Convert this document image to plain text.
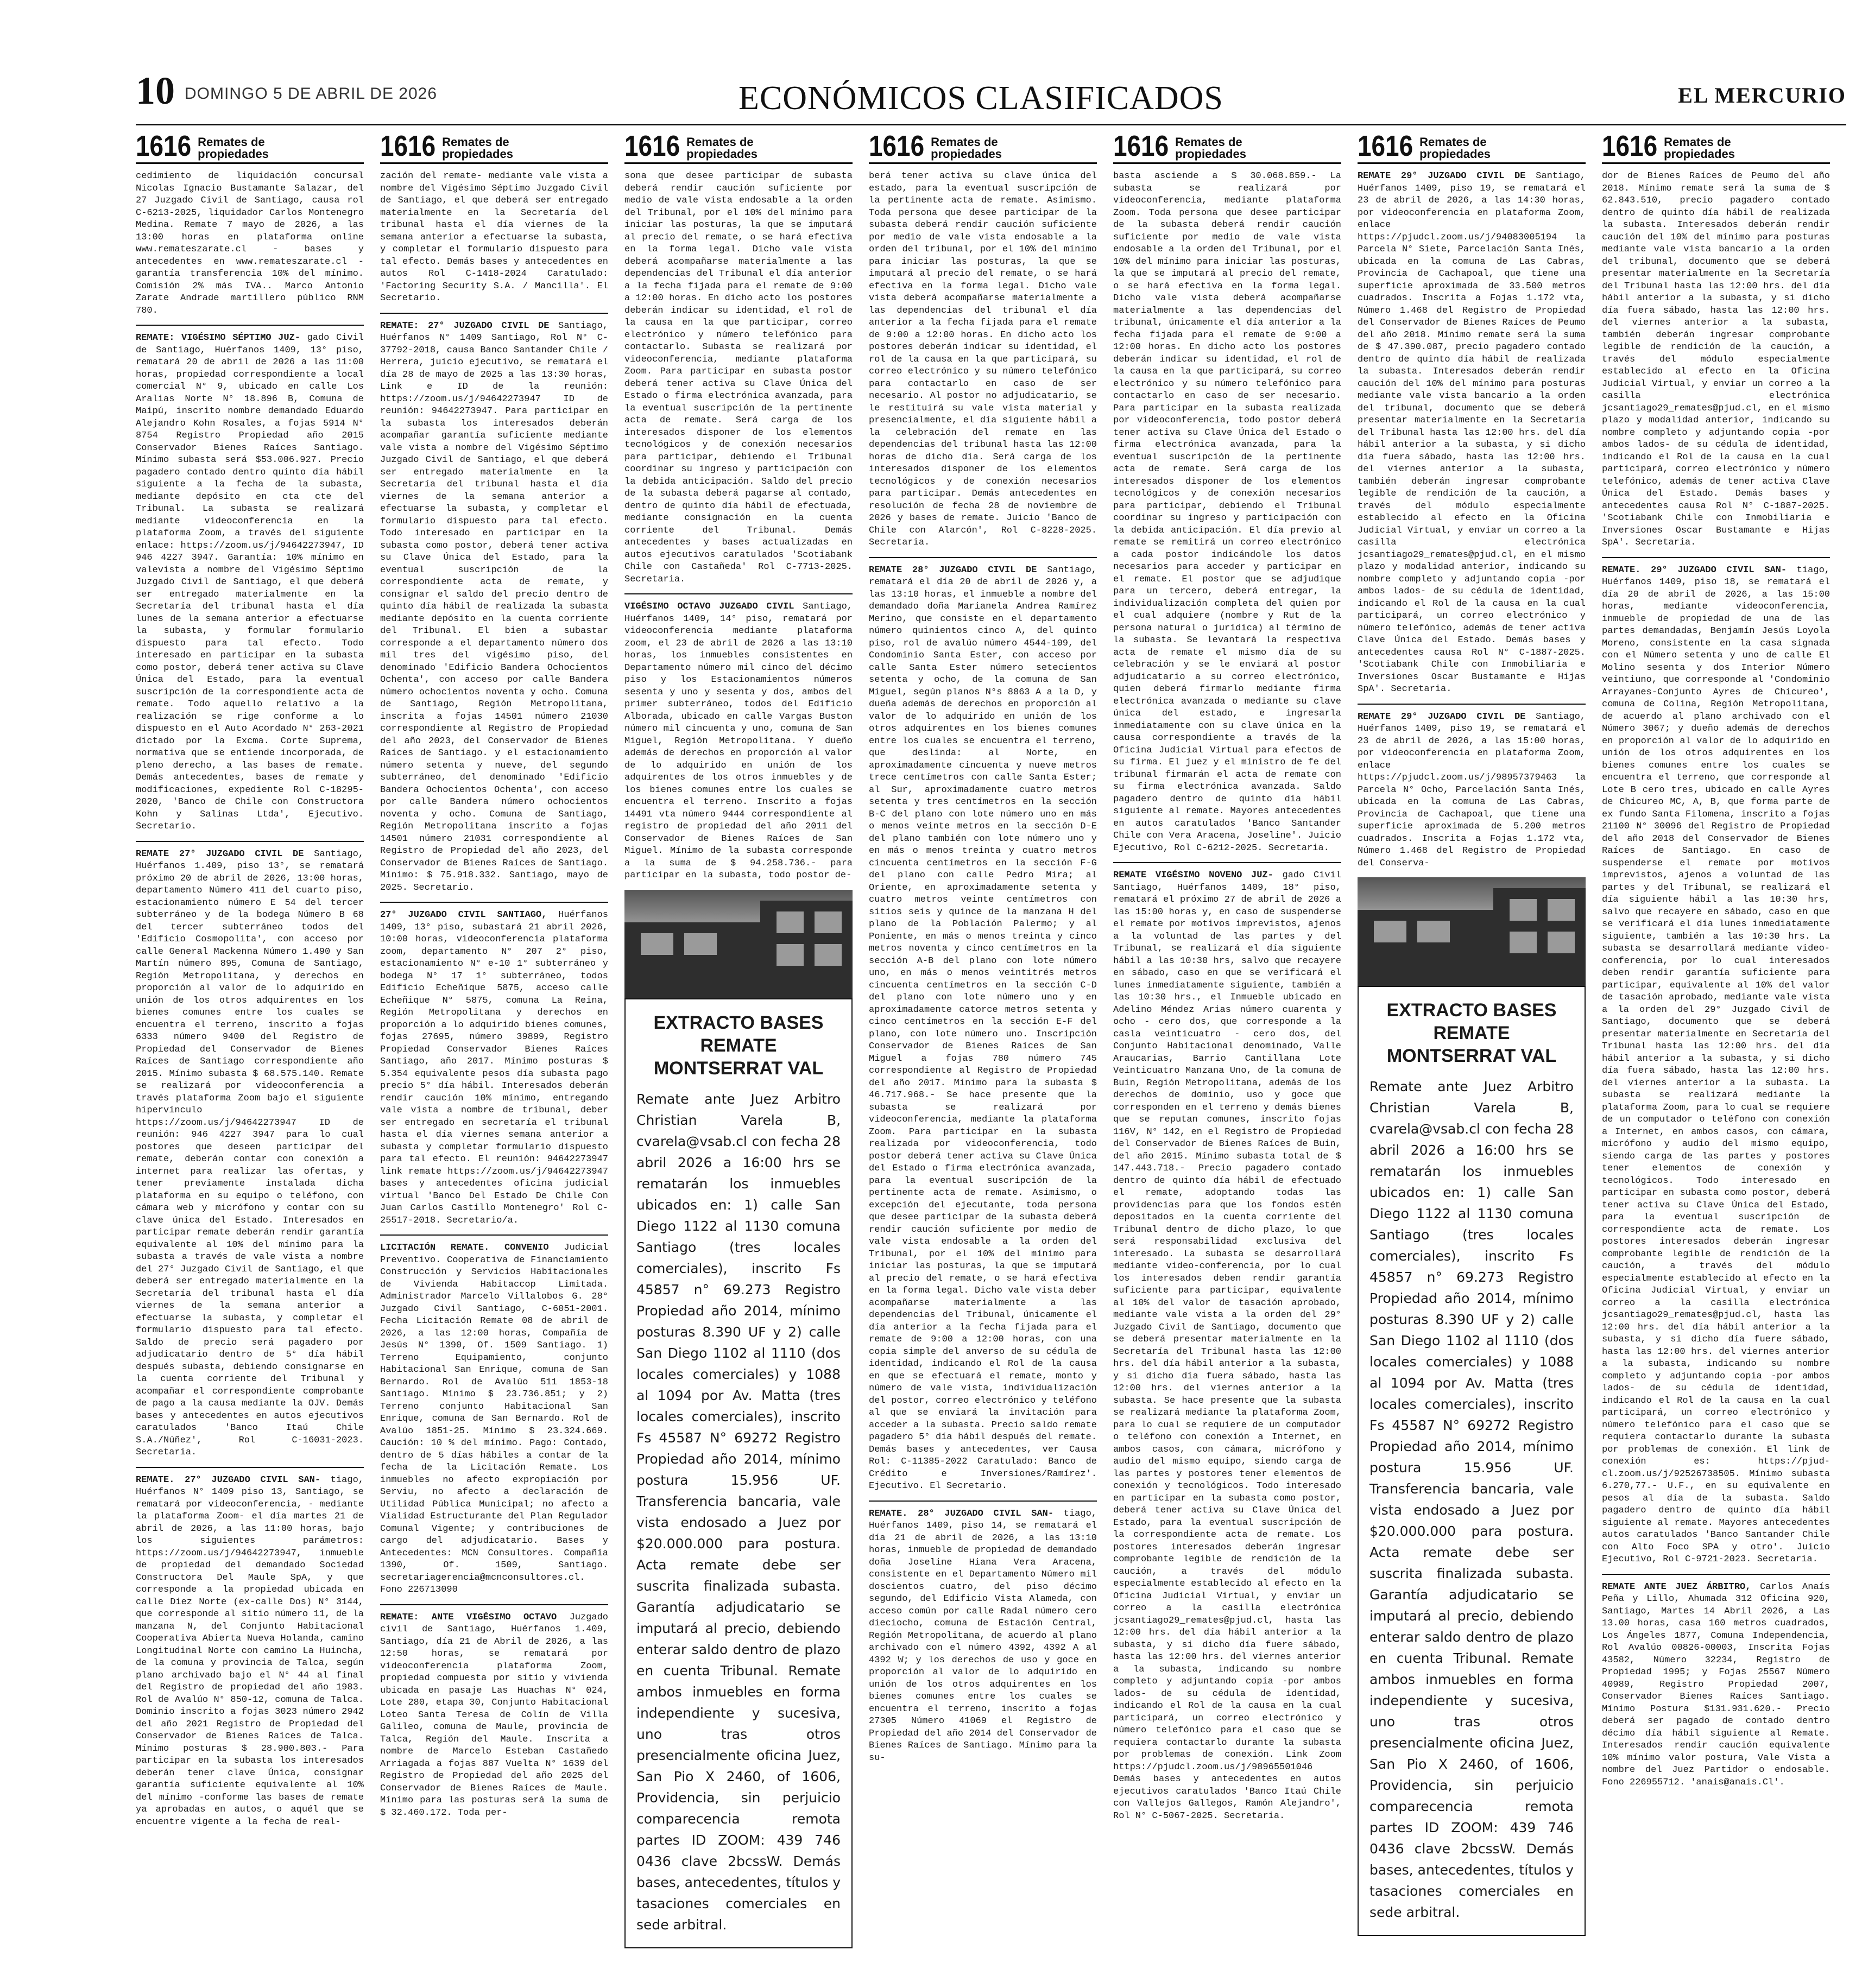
10 DOMINGO 5 DE ABRIL DE 2026	ECONÓMICOS CLASIFICADOS	EL MERCURIO
1616 Remates de
propiedades

cedimiento de liquidación concursal Nicolas Ignacio Bustamante Salazar, del 27 Juzgado Civil de Santiago, causa rol C-6213-2025, liquidador Carlos Montenegro Medina. Remate 7 mayo de 2026, a las 13:00 horas en plataforma online www.remateszarate.cl - bases y antecedentes en www.remateszarate.cl - garantía transferencia 10% del mínimo. Comisión 2% más IVA.. Marco Antonio Zarate Andrade martillero público RNM 780.

REMATE: VIGÉSIMO SÉPTIMO JUZ- gado Civil de Santiago, Huérfanos 1409, 13° piso, rematará 20 de abril de 2026 a las 11:00 horas, propiedad correspondiente a local comercial N° 9, ubicado en calle Los Aralias Norte N° 18.896 B, Comuna de Maipú, inscrito nombre demandado Eduardo Alejandro Kohn Rosales, a fojas 5914 N° 8754 Registro Propiedad año 2015 Conservador Bienes Raíces Santiago. Mínimo subasta será $53.006.927. Precio pagadero contado dentro quinto día hábil siguiente a la fecha de la subasta, mediante depósito en cta cte del Tribunal. La subasta se realizará mediante videoconferencia en la plataforma Zoom, a través del siguiente enlace: https://zoom.us/j/94642273947, ID 946 4227 3947. Garantía: 10% mínimo en valevista a nombre del Vigésimo Séptimo Juzgado Civil de Santiago, el que deberá ser entregado materialmente en la Secretaría del tribunal hasta el día lunes de la semana anterior a efectuarse la subasta, y formular formulario dispuesto para tal efecto. Todo interesado en participar en la subasta como postor, deberá tener activa su Clave Única del Estado, para la eventual suscripción de la correspondiente acta de remate. Todo aquello relativo a la realización se rige conforme a lo dispuesto en el Auto Acordado N° 263-2021 dictado por la Excma. Corte Suprema, normativa que se entiende incorporada, de pleno derecho, a las bases de remate. Demás antecedentes, bases de remate y modificaciones, expediente Rol C-18295-2020, 'Banco de Chile con Constructora Kohn y Salinas Ltda', Ejecutivo. Secretario.

REMATE 27° JUZGADO CIVIL DE Santiago, Huérfanos 1.409, piso 13°, se rematará próximo 20 de abril de 2026, 13:00 horas, departamento Número 411 del cuarto piso, estacionamiento número E 54 del tercer subterráneo y de la bodega Número B 68 del tercer subterráneo todos del 'Edificio Cosmopolita', con acceso por calle General Mackenna Número 1.490 y San Martín número 895, Comuna de Santiago, Región Metropolitana, y derechos en proporción al valor de lo adquirido en unión de los otros adquirentes en los bienes comunes entre los cuales se encuentra el terreno, inscrito a fojas 6333 número 9400 del Registro de Propiedad del Conservador de Bienes Raíces de Santiago correspondiente año 2015. Mínimo subasta $ 68.575.140. Remate se realizará por videoconferencia a través plataforma Zoom bajo el siguiente hipervínculo https://zoom.us/j/94642273947 ID de reunión: 946 4227 3947 para lo cual postores que deseen participar del remate, deberán contar con conexión a internet para realizar las ofertas, y tener previamente instalada dicha plataforma en su equipo o teléfono, con cámara web y micrófono y contar con su clave única del Estado. Interesados en participar remate deberán rendir garantía equivalente al 10% del mínimo para la subasta a través de vale vista a nombre del 27° Juzgado Civil de Santiago, el que deberá ser entregado materialmente en la Secretaría del tribunal hasta el día viernes de la semana anterior a efectuarse la subasta, y completar el formulario dispuesto para tal efecto. Saldo de precio será pagadero por adjudicatario dentro de 5° día hábil después subasta, debiendo consignarse en la cuenta corriente del Tribunal y acompañar el correspondiente comprobante de pago a la causa mediante la OJV. Demás bases y antecedentes en autos ejecutivos caratulados 'Banco Itaú Chile S.A./Núñez', Rol C-16031-2023. Secretaria.

REMATE. 27° JUZGADO CIVIL SAN- tiago, Huérfanos N° 1409 piso 13, Santiago, se rematará por videoconferencia, - mediante la plataforma Zoom- el día martes 21 de abril de 2026, a las 11:00 horas, bajo los siguientes parámetros: https://zoom.us/j/94642273947, inmueble de propiedad del demandado Sociedad Constructora Del Maule SpA, y que corresponde a la propiedad ubicada en calle Diez Norte (ex-calle Dos) N° 3144, que corresponde al sitio número 11, de la manzana N, del Conjunto Habitacional Cooperativa Abierta Nueva Holanda, camino Longitudinal Norte con camino La Huincha, de la comuna y provincia de Talca, según plano archivado bajo el N° 44 al final del Registro de propiedad del año 1983. Rol de Avalúo N° 850-12, comuna de Talca. Dominio inscrito a fojas 3023 número 2942 del año 2021 Registro de Propiedad del Conservador de Bienes Raíces de Talca. Mínimo posturas $ 28.900.803.- Para participar en la subasta los interesados deberán tener clave Única, consignar garantía suficiente equivalente al 10% del mínimo -conforme las bases de remate ya aprobadas en autos, o aquél que se encuentre vigente a la fecha de real-

1616 Remates de
propiedades

zación del remate- mediante vale vista a nombre del Vigésimo Séptimo Juzgado Civil de Santiago, el que deberá ser entregado materialmente en la Secretaría del tribunal hasta el día viernes de la semana anterior a efectuarse la subasta, y completar el formulario dispuesto para tal efecto. Demás bases y antecedentes en autos Rol C-1418-2024 Caratulado: 'Factoring Security S.A. / Mancilla'. El Secretario.

REMATE: 27° JUZGADO CIVIL DE Santiago, Huérfanos N° 1409 Santiago, Rol N° C-37792-2018, causa Banco Santander Chile / Herrera, juicio ejecutivo, se rematará el día 28 de mayo de 2025 a las 13:30 horas, Link e ID de la reunión: https://zoom.us/j/94642273947 ID de reunión: 94642273947. Para participar en la subasta los interesados deberán acompañar garantía suficiente mediante vale vista a nombre del Vigésimo Séptimo Juzgado Civil de Santiago, el que deberá ser entregado materialmente en la Secretaría del tribunal hasta el día viernes de la semana anterior a efectuarse la subasta, y completar el formulario dispuesto para tal efecto. Todo interesado en participar en la subasta como postor, deberá tener activa su Clave Única del Estado, para la eventual suscripción de la correspondiente acta de remate, y consignar el saldo del precio dentro de quinto día hábil de realizada la subasta mediante depósito en la cuenta corriente del Tribunal. El bien a subastar corresponde a el departamento número dos mil tres del vigésimo piso, del denominado 'Edificio Bandera Ochocientos Ochenta', con acceso por calle Bandera número ochocientos noventa y ocho. Comuna de Santiago, Región Metropolitana, inscrita a fojas 14501 número 21030 correspondiente al Registro de Propiedad del año 2023, del Conservador de Bienes Raíces de Santiago. y el estacionamiento número setenta y nueve, del segundo subterráneo, del denominado 'Edificio Bandera Ochocientos Ochenta', con acceso por calle Bandera número ochocientos noventa y ocho. Comuna de Santiago, Región Metropolitana inscrito a fojas 14501 número 21031 correspondiente al Registro de Propiedad del año 2023, del Conservador de Bienes Raíces de Santiago. Mínimo: $ 75.918.332. Santiago, mayo de 2025. Secretario.

27° JUZGADO CIVIL SANTIAGO, Huérfanos 1409, 13° piso, subastará 21 abril 2026, 10:00 horas, videoconferencia plataforma zoom, departamento N° 207 2° piso, estacionamiento N° e-10 1° subterráneo y bodega N° 17 1° subterráneo, todos Edificio Echeñique 5875, acceso calle Echeñique N° 5875, comuna La Reina, Región Metropolitana y derechos en proporción a lo adquirido bienes comunes, fojas 27695, número 39899, Registro Propiedad Conservador Bienes Raíces Santiago, año 2017. Mínimo posturas $ 5.354 equivalente pesos día subasta pago precio 5° día hábil. Interesados deberán rendir caución 10% mínimo, entregando vale vista a nombre de tribunal, deber ser entregado en secretaría el tribunal hasta el día viernes semana anterior a subasta y completar formulario dispuesto para tal efecto. El reunión: 94642273947 link remate https://zoom.us/j/94642273947 bases y antecedentes oficina judicial virtual 'Banco Del Estado De Chile Con Juan Carlos Castillo Montenegro' Rol C-25517-2018. Secretario/a.

LICITACIÓN REMATE. CONVENIO Judicial Preventivo. Cooperativa de Financiamiento Construcción y Servicios Habitacionales de Vivienda Habitaccop Limitada. Administrador Marcelo Villalobos G. 28° Juzgado Civil Santiago, C-6051-2001. Fecha Licitación Remate 08 de abril de 2026, a las 12:00 horas, Compañía de Jesús N° 1390, Of. 1509 Santiago. 1) Terreno Equipamiento, conjunto Habitacional San Enrique, comuna de San Bernardo. Rol de Avalúo 511 1853-18 Santiago. Mínimo $ 23.736.851; y 2) Terreno conjunto Habitacional San Enrique, comuna de San Bernardo. Rol de Avalúo 1851-25. Mínimo $ 23.324.669. Caución: 10 % del mínimo. Pago: Contado, dentro de 5 días hábiles a contar de la fecha de la Licitación Remate. Los inmuebles no afecto expropiación por Serviu, no afecto a declaración de Utilidad Pública Municipal; no afecto a Vialidad Estructurante del Plan Regulador Comunal Vigente; y contribuciones de cargo del adjudicatario. Bases y Antecedentes: MCN Consultores. Compañía 1390, Of. 1509, Santiago. secretariagerencia@mcnconsultores.cl. Fono 226713090

REMATE: ANTE VIGÉSIMO OCTAVO Juzgado civil de Santiago, Huérfanos 1.409, Santiago, día 21 de Abril de 2026, a las 12:50 horas, se rematará por videoconferencia plataforma Zoom, propiedad compuesta por sitio y vivienda ubicada en pasaje Las Huachas N° 024, Lote 280, etapa 30, Conjunto Habitacional Loteo Santa Teresa de Colín de Villa Galileo, comuna de Maule, provincia de Talca, Región del Maule. Inscrita a nombre de Marcelo Esteban Castañedo Arriagada a fojas 887 Vuelta N° 1639 del Registro de Propiedad del año 2025 del Conservador de Bienes Raíces de Maule. Mínimo para las posturas será la suma de $ 32.460.172. Toda per-

1616 Remates de
propiedades

sona que desee participar de subasta deberá rendir caución suficiente por medio de vale vista endosable a la orden del Tribunal, por el 10% del mínimo para iniciar las posturas, la que se imputará al precio del remate, o se hará efectiva en la forma legal. Dicho vale vista deberá acompañarse materialmente a las dependencias del Tribunal el día anterior a la fecha fijada para el remate de 9:00 a 12:00 horas. En dicho acto los postores deberán indicar su identidad, el rol de la causa en la que participar, correo electrónico y número telefónico para contactarlo. Subasta se realizará por videoconferencia, mediante plataforma Zoom. Para participar en subasta postor deberá tener activa su Clave Única del Estado o firma electrónica avanzada, para la eventual suscripción de la pertinente acta de remate. Será carga de los interesados disponer de los elementos tecnológicos y de conexión necesarios para participar, debiendo el Tribunal coordinar su ingreso y participación con la debida anticipación. Saldo del precio de la subasta deberá pagarse al contado, dentro de quinto día hábil de efectuada, mediante consignación en la cuenta corriente del Tribunal. Demás antecedentes y bases actualizadas en autos ejecutivos caratulados 'Scotiabank Chile con Castañeda' Rol C-7713-2025. Secretaria.

VIGÉSIMO OCTAVO JUZGADO CIVIL Santiago, Huérfanos 1409, 14° piso, rematará por videoconferencia mediante plataforma zoom, el 23 de abril de 2026 a las 13:10 horas, los inmuebles consistentes en Departamento número mil cinco del décimo piso y los Estacionamientos números sesenta y uno y sesenta y dos, ambos del primer subterráneo, todos del Edificio Alborada, ubicado en calle Vargas Buston número mil cincuenta y uno, comuna de San Miguel, Región Metropolitana. Y dueño además de derechos en proporción al valor de lo adquirido en unión de los adquirentes de los otros inmuebles y de los bienes comunes entre los cuales se encuentra el terreno. Inscrito a fojas 14491 vta número 9444 correspondiente al registro de propiedad del año 2011 del Conservador de Bienes Raíces de San Miguel. Mínimo de la subasta corresponde a la suma de $ 94.258.736.- para participar en la subasta, todo postor de-

EXTRACTO BASES REMATE
MONTSERRAT VAL

Remate ante Juez Arbitro Christian Varela B, cvarela@vsab.cl con fecha 28 abril 2026 a 16:00 hrs se rematarán los inmuebles ubicados en: 1) calle San Diego 1122 al 1130 comuna Santiago (tres locales comerciales), inscrito Fs 45857 n° 69.273 Registro Propiedad año 2014, mínimo posturas 8.390 UF y 2) calle San Diego 1102 al 1110 (dos locales comerciales) y 1088 al 1094 por Av. Matta (tres locales comerciales), inscrito Fs 45587 N° 69272 Registro Propiedad año 2014, mínimo postura 15.956 UF. Transferencia bancaria, vale vista endosado a Juez por $20.000.000 para postura. Acta remate debe ser suscrita finalizada subasta. Garantía adjudicatario se imputará al precio, debiendo enterar saldo dentro de plazo en cuenta Tribunal. Remate ambos inmuebles en forma independiente y sucesiva, uno tras otros presencialmente oficina Juez, San Pio X 2460, of 1606, Providencia, sin perjuicio comparecencia remota partes ID ZOOM: 439 746 0436 clave 2bcssW. Demás bases, antecedentes, títulos y tasaciones comerciales en sede arbitral.

1616 Remates de
propiedades

berá tener activa su clave única del estado, para la eventual suscripción de la pertinente acta de remate. Asimismo. Toda persona que desee participar de la subasta deberá rendir caución suficiente por medio de vale vista endosable a la orden del tribunal, por el 10% del mínimo para iniciar las posturas, la que se imputará al precio del remate, o se hará efectiva en la forma legal. Dicho vale vista deberá acompañarse materialmente a las dependencias del tribunal el día anterior a la fecha fijada para el remate de 9:00 a 12:00 horas. En dicho acto los postores deberán indicar su identidad, el rol de la causa en la que participará, su correo electrónico y su número telefónico para contactarlo en caso de ser necesario. Al postor no adjudicatario, se le restituirá su vale vista material y presencialmente, el día siguiente hábil a la celebración del remate en las dependencias del tribunal hasta las 12:00 horas de dicho día. Será carga de los interesados disponer de los elementos tecnológicos y de conexión necesarios para participar. Demás antecedentes en resolución de fecha 28 de noviembre de 2026 y bases de remate. Juicio 'Banco de Chile con Alarcón', Rol C-8228-2025. Secretaria.

REMATE 28° JUZGADO CIVIL DE Santiago, rematará el día 20 de abril de 2026 y, a las 13:10 horas, el inmueble a nombre del demandado doña Marianela Andrea Ramírez Merino, que consiste en el departamento número quinientos cinco A, del quinto piso, rol de avalúo número 4544-109, del Condominio Santa Ester, con acceso por calle Santa Ester número setecientos setenta y ocho, de la comuna de San Miguel, según planos N°s 8863 A a la D, y dueña además de derechos en proporción al valor de lo adquirido en unión de los otros adquirentes en los bienes comunes entre los cuales se encuentra el terreno, que deslinda: al Norte, en aproximadamente cincuenta y nueve metros trece centímetros con calle Santa Ester; al Sur, aproximadamente cuatro metros setenta y tres centímetros en la sección B-C del plano con lote número uno en más o menos veinte metros en la sección D-E del plano también con lote número uno y en más o menos treinta y cuatro metros cincuenta centímetros en la sección F-G del plano con calle Pedro Mira; al Oriente, en aproximadamente setenta y cuatro metros veinte centímetros con sitios seis y quince de la manzana H del plano de la Población Palermo; y al Poniente, en más o menos treinta y cinco metros noventa y cinco centímetros en la sección A-B del plano con lote número uno, en más o menos veintitrés metros cincuenta centímetros en la sección C-D del plano con lote número uno y en aproximadamente catorce metros setenta y cinco centímetros en la sección E-F del plano, con lote número uno. Inscripción Conservador de Bienes Raíces de San Miguel a fojas 780 número 745 correspondiente al Registro de Propiedad del año 2017. Mínimo para la subasta $ 46.717.968.- Se hace presente que la subasta se realizará por videoconferencia, mediante la plataforma Zoom. Para participar en la subasta realizada por videoconferencia, todo postor deberá tener activa su Clave Única del Estado o firma electrónica avanzada, para la eventual suscripción de la pertinente acta de remate. Asimismo, o excepción del ejecutante, toda persona que desee participar de la subasta deberá rendir caución suficiente por medio de vale vista endosable a la orden del Tribunal, por el 10% del mínimo para iniciar las posturas, la que se imputará al precio del remate, o se hará efectiva en la forma legal. Dicho vale vista deber acompañarse materialmente a las dependencias del Tribunal, únicamente el día anterior a la fecha fijada para el remate de 9:00 a 12:00 horas, con una copia simple del anverso de su cédula de identidad, indicando el Rol de la causa en que se efectuará el remate, monto y número de vale vista, individualización del postor, correo electrónico y teléfono al que se enviará la invitación para acceder a la subasta. Precio saldo remate pagadero 5° día hábil después del remate. Demás bases y antecedentes, ver Causa Rol: C-11385-2022 Caratulado: Banco de Crédito e Inversiones/Ramírez'. Ejecutivo. El Secretario.

REMATE. 28° JUZGADO CIVIL SAN- tiago, Huérfanos 1409, piso 14, se rematará el día 21 de abril de 2026, a las 13:10 horas, inmueble de propiedad de demandado doña Joseline Hiana Vera Aracena, consistente en el Departamento Número mil doscientos cuatro, del piso décimo segundo, del Edificio Vista Alameda, con acceso común por calle Radal número cero dieciocho, comuna de Estación Central, Región Metropolitana, de acuerdo al plano archivado con el número 4392, 4392 A al 4392 W; y los derechos de uso y goce en proporción al valor de lo adquirido en unión de los otros adquirentes en los bienes comunes entre los cuales se encuentra el terreno, inscrito a fojas 27305 Número 41069 el Registro de Propiedad del año 2014 del Conservador de Bienes Raíces de Santiago. Mínimo para la su-

1616 Remates de
propiedades

basta asciende a $ 30.068.859.- La subasta se realizará por videoconferencia, mediante plataforma Zoom. Toda persona que desee participar de la subasta deberá rendir caución suficiente por medio de vale vista endosable a la orden del Tribunal, por el 10% del mínimo para iniciar las posturas, la que se imputará al precio del remate, o se hará efectiva en la forma legal. Dicho vale vista deberá acompañarse materialmente a las dependencias del tribunal, únicamente el día anterior a la fecha fijada para el remate de 9:00 a 12:00 horas. En dicho acto los postores deberán indicar su identidad, el rol de la causa en la que participará, su correo electrónico y su número telefónico para contactarlo en caso de ser necesario. Para participar en la subasta realizada por videoconferencia, todo postor deberá tener activa su Clave Única del Estado o firma electrónica avanzada, para la eventual suscripción de la pertinente acta de remate. Será carga de los interesados disponer de los elementos tecnológicos y de conexión necesarios para participar, debiendo el Tribunal coordinar su ingreso y participación con la debida anticipación. El día previo al remate se remitirá un correo electrónico a cada postor indicándole los datos necesarios para acceder y participar en el remate. El postor que se adjudique para un tercero, deberá entregar, la individualización completa del quien por el cual adquiere (nombre y Rut de la persona natural o jurídica) al término de la subasta. Se levantará la respectiva acta de remate el mismo día de su celebración y se le enviará al postor adjudicatario a su correo electrónico, quien deberá firmarlo mediante firma electrónica avanzada o mediante su clave única del estado, e ingresarla inmediatamente con su clave única en la causa correspondiente a través de la Oficina Judicial Virtual para efectos de su firma. El juez y el ministro de fe del tribunal firmarán el acta de remate con su firma electrónica avanzada. Saldo pagadero dentro de quinto día hábil siguiente al remate. Mayores antecedentes en autos caratulados 'Banco Santander Chile con Vera Aracena, Joseline'. Juicio Ejecutivo, Rol C-6212-2025. Secretaria.

REMATE VIGÉSIMO NOVENO JUZ- gado Civil Santiago, Huérfanos 1409, 18° piso, rematará el próximo 27 de abril de 2026 a las 15:00 horas y, en caso de suspenderse el remate por motivos imprevistos, ajenos a la voluntad de las partes y del Tribunal, se realizará el día siguiente hábil a las 10:30 hrs, salvo que recayere en sábado, caso en que se verificará el lunes inmediatamente siguiente, también a las 10:30 hrs., el Inmueble ubicado en Adelino Méndez Arias número cuarenta y ocho - cero dos, que corresponde a la casla veinticuatro - cero dos, del Conjunto Habitacional denominado, Valle Araucarias, Barrio Cantillana Lote Veinticuatro Manzana Uno, de la comuna de Buin, Región Metropolitana, además de los derechos de dominio, uso y goce que corresponden en el terreno y demás bienes que se reputan comunes, inscrito fojas 116V, N° 142, en el Registro de Propiedad del Conservador de Bienes Raíces de Buin, del año 2015. Mínimo subasta total de $ 147.443.718.- Precio pagadero contado dentro de quinto día hábil de efectuado el remate, adoptando todas las providencias para que los fondos estén depositados en la cuenta corriente del Tribunal dentro de dicho plazo, lo que será responsabilidad exclusiva del interesado. La subasta se desarrollará mediante video-conferencia, por lo cual los interesados deben rendir garantía suficiente para participar, equivalente al 10% del valor de tasación aprobado, mediante vale vista a la orden del 29° Juzgado Civil de Santiago, documento que se deberá presentar materialmente en la Secretaría del Tribunal hasta las 12:00 hrs. del día hábil anterior a la subasta, y si dicho día fuera sábado, hasta las 12:00 hrs. del viernes anterior a la subasta. Se hace presente que la subasta se realizará mediante la plataforma Zoom, para lo cual se requiere de un computador o teléfono con conexión a Internet, en ambos casos, con cámara, micrófono y audio del mismo equipo, siendo carga de las partes y postores tener elementos de conexión y tecnológicos. Todo interesado en participar en la subasta como postor, deberá tener activa su Clave Única del Estado, para la eventual suscripción de la correspondiente acta de remate. Los postores interesados deberán ingresar comprobante legible de rendición de la caución, a través del módulo especialmente establecido al efecto en la Oficina Judicial Virtual, y enviar un correo a la casilla electrónica jcsantiago29_remates@pjud.cl, hasta las 12:00 hrs. del día hábil anterior a la subasta, y si dicho día fuere sábado, hasta las 12:00 hrs. del viernes anterior a la subasta, indicando su nombre completo y adjuntando copia -por ambos lados- de su cédula de identidad, indicando el Rol de la causa en la cual participará, un correo electrónico y número telefónico para el caso que se requiera contactarlo durante la subasta por problemas de conexión. Link Zoom https://pjudcl.zoom.us/j/98965501046 Demás bases y antecedentes en autos ejecutivos caratulados 'Banco Itaú Chile con Vallejos Gallegos, Ramón Alejandro', Rol N° C-5067-2025. Secretaria.

1616 Remates de
propiedades

REMATE 29° JUZGADO CIVIL DE Santiago, Huérfanos 1409, piso 19, se rematará el 23 de abril de 2026, a las 14:30 horas, por videoconferencia en plataforma Zoom, enlace https://pjudcl.zoom.us/j/94083005194 la Parcela N° Siete, Parcelación Santa Inés, ubicada en la comuna de Las Cabras, Provincia de Cachapoal, que tiene una superficie aproximada de 33.500 metros cuadrados. Inscrita a Fojas 1.172 vta, Número 1.468 del Registro de Propiedad del Conservador de Bienes Raíces de Peumo del año 2018. Mínimo remate será la suma de $ 47.390.087, precio pagadero contado dentro de quinto día hábil de realizada la subasta. Interesados deberán rendir caución del 10% del mínimo para posturas mediante vale vista bancario a la orden del tribunal, documento que se deberá presentar materialmente en la Secretaría del Tribunal hasta las 12:00 hrs. del día hábil anterior a la subasta, y si dicho día fuera sábado, hasta las 12:00 hrs. del viernes anterior a la subasta, también deberán ingresar comprobante legible de rendición de la caución, a través del módulo especialmente establecido al efecto en la Oficina Judicial Virtual, y enviar un correo a la casilla electrónica jcsantiago29_remates@pjud.cl, en el mismo plazo y modalidad anterior, indicando su nombre completo y adjuntando copia -por ambos lados- de su cédula de identidad, indicando el Rol de la causa en la cual participará, un correo electrónico y número telefónico, además de tener activa Clave Única del Estado. Demás bases y antecedentes causa Rol N° C-1887-2025. 'Scotiabank Chile con Inmobiliaria e Inversiones Oscar Bustamante e Hijas SpA'. Secretaria.

REMATE 29° JUZGADO CIVIL DE Santiago, Huérfanos 1409, piso 19, se rematará el 23 de abril de 2026, a las 15:00 horas, por videoconferencia en plataforma Zoom, enlace https://pjudcl.zoom.us/j/98957379463 la Parcela N° Ocho, Parcelación Santa Inés, ubicada en la comuna de Las Cabras, Provincia de Cachapoal, que tiene una superficie aproximada de 5.200 metros cuadrados. Inscrita a Fojas 1.172 vta, Número 1.468 del Registro de Propiedad del Conserva-

EXTRACTO BASES REMATE
MONTSERRAT VAL

Remate ante Juez Arbitro Christian Varela B, cvarela@vsab.cl con fecha 28 abril 2026 a 16:00 hrs se rematarán los inmuebles ubicados en: 1) calle San Diego 1122 al 1130 comuna Santiago (tres locales comerciales), inscrito Fs 45857 n° 69.273 Registro Propiedad año 2014, mínimo posturas 8.390 UF y 2) calle San Diego 1102 al 1110 (dos locales comerciales) y 1088 al 1094 por Av. Matta (tres locales comerciales), inscrito Fs 45587 N° 69272 Registro Propiedad año 2014, mínimo postura 15.956 UF. Transferencia bancaria, vale vista endosado a Juez por $20.000.000 para postura. Acta remate debe ser suscrita finalizada subasta. Garantía adjudicatario se imputará al precio, debiendo enterar saldo dentro de plazo en cuenta Tribunal. Remate ambos inmuebles en forma independiente y sucesiva, uno tras otros presencialmente oficina Juez, San Pio X 2460, of 1606, Providencia, sin perjuicio comparecencia remota partes ID ZOOM: 439 746 0436 clave 2bcssW. Demás bases, antecedentes, títulos y tasaciones comerciales en sede arbitral.

1616 Remates de
propiedades

dor de Bienes Raíces de Peumo del año 2018. Mínimo remate será la suma de $ 62.843.510, precio pagadero contado dentro de quinto día hábil de realizada la subasta. Interesados deberán rendir caución del 10% del mínimo para posturas mediante vale vista bancario a la orden del tribunal, documento que se deberá presentar materialmente en la Secretaría del Tribunal hasta las 12:00 hrs. del día hábil anterior a la subasta, y si dicho día fuera sábado, hasta las 12:00 hrs. del viernes anterior a la subasta, también deberán ingresar comprobante legible de rendición de la caución, a través del módulo especialmente establecido al efecto en la Oficina Judicial Virtual, y enviar un correo a la casilla electrónica jcsantiago29_remates@pjud.cl, en el mismo plazo y modalidad anterior, indicando su nombre completo y adjuntando copia -por ambos lados- de su cédula de identidad, indicando el Rol de la causa en la cual participará, correo electrónico y número telefónico, además de tener activa Clave Única del Estado. Demás bases y antecedentes causa Rol N° C-1887-2025. 'Scotiabank Chile con Inmobiliaria e Inversiones Oscar Bustamante e Hijas SpA'. Secretaria.

REMATE. 29° JUZGADO CIVIL SAN- tiago, Huérfanos 1409, piso 18, se rematará el día 20 de abril de 2026, a las 15:00 horas, mediante videoconferencia, inmueble de propiedad de una de las partes demandadas, Benjamín Jesús Loyola Moreno, consistente en la casa signada con el Número setenta y uno de calle El Molino sesenta y dos Interior Número veintiuno, que corresponde al 'Condominio Arrayanes-Conjunto Ayres de Chicureo', comuna de Colina, Región Metropolitana, de acuerdo al plano archivado con el Número 3067; y dueño además de derechos en proporción al valor de lo adquirido en unión de los otros adquirentes en los bienes comunes entre los cuales se encuentra el terreno, que corresponde al Lote B cero tres, ubicado en calle Ayres de Chicureo MC, A, B, que forma parte de ex fundo Santa Filomena, inscrito a fojas 21100 N° 30096 del Registro de Propiedad del año 2018 del Conservador de Bienes Raíces de Santiago. En caso de suspenderse el remate por motivos imprevistos, ajenos a voluntad de las partes y del Tribunal, se realizará el día siguiente hábil a las 10:30 hrs, salvo que recayere en sábado, caso en que se verificará el día lunes inmediatamente siguiente, también a las 10:30 hrs. La subasta se desarrollará mediante video-conferencia, por lo cual interesados deben rendir garantía suficiente para participar, equivalente al 10% del valor de tasación aprobado, mediante vale vista a la orden del 29° Juzgado Civil de Santiago, documento que se deberá presentar materialmente en Secretaría del Tribunal hasta las 12:00 hrs. del día hábil anterior a la subasta, y si dicho día fuera sábado, hasta las 12:00 hrs. del viernes anterior a la subasta. La subasta se realizará mediante la plataforma Zoom, para lo cual se requiere de un computador o teléfono con conexión a Internet, en ambos casos, con cámara, micrófono y audio del mismo equipo, siendo carga de las partes y postores tener elementos de conexión y tecnológicos. Todo interesado en participar en subasta como postor, deberá tener activa su Clave Única del Estado, para la eventual suscripción de correspondiente acta de remate. Los postores interesados deberán ingresar comprobante legible de rendición de la caución, a través del módulo especialmente establecido al efecto en la Oficina Judicial Virtual, y enviar un correo a la casilla electrónica jcsantiago29_remates@pjud.cl, hasta las 12:00 hrs. del día hábil anterior a la subasta, y si dicho día fuere sábado, hasta las 12:00 hrs. del viernes anterior a la subasta, indicando su nombre completo y adjuntando copia -por ambos lados- de su cédula de identidad, indicando el Rol de la causa en la cual participará, un correo electrónico y número telefónico para el caso que se requiera contactarlo durante la subasta por problemas de conexión. El link de conexión es: https://pjud-cl.zoom.us/j/92526738505. Mínimo subasta 6.270,77.- U.F., en su equivalente en pesos al día de la subasta. Saldo pagadero dentro de quinto día hábil siguiente al remate. Mayores antecedentes autos caratulados 'Banco Santander Chile con Alto Foco SPA y otro'. Juicio Ejecutivo, Rol C-9721-2023. Secretaria.

REMATE ANTE JUEZ ÁRBITRO, Carlos Anaís Peña y Lillo, Ahumada 312 Oficina 920, Santiago, Martes 14 Abril 2026, a Las 13.00 horas, casa 160 metros cuadrados, Los Ángeles 1877, Comuna Independencia, Rol Avalúo 00826-00003, Inscrita Fojas 43582, Número 32234, Registro de Propiedad 1995; y Fojas 25567 Número 40989, Registro Propiedad 2007, Conservador Bienes Raíces Santiago. Mínimo Postura $131.931.620.- Precio deberá ser pagado de contado dentro décimo día hábil siguiente al Remate. Interesados rendir caución equivalente 10% mínimo valor postura, Vale Vista a nombre del Juez Partidor o endosable. Fono 226955712. 'anais@anais.Cl'.
